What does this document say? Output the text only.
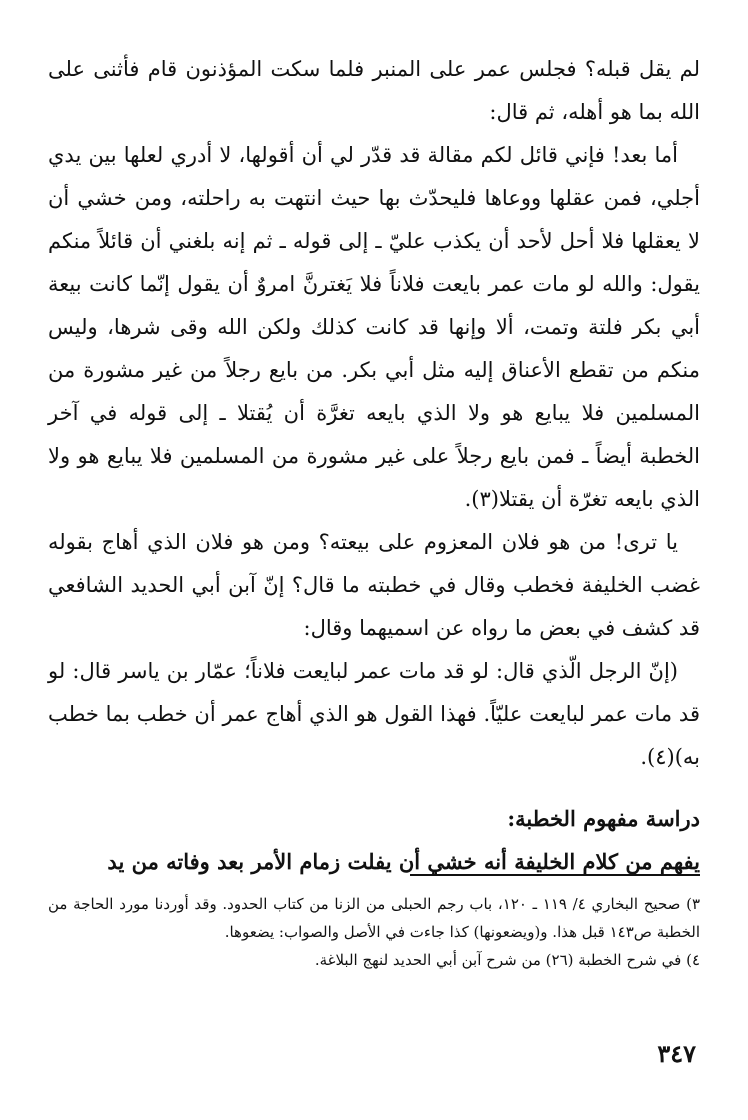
لم يقل قبله؟ فجلس عمر على المنبر فلما سكت المؤذنون قام فأثنى على الله بما هو أهله، ثم قال:

أما بعد! فإني قائل لكم مقالة قد قدّر لي أن أقولها، لا أدري لعلها بين يدي أجلي، فمن عقلها ووعاها فليحدّث بها حيث انتهت به راحلته، ومن خشي أن لا يعقلها فلا أحل لأحد أن يكذب عليّ ـ إلى قوله ـ ثم إنه بلغني أن قائلاً منكم يقول: والله لو مات عمر بايعت فلاناً فلا يَغترنَّ امروٌ أن يقول إنّما كانت بيعة أبي بكر فلتة وتمت، ألا وإنها قد كانت كذلك ولكن الله وقى شرها، وليس منكم من تقطع الأعناق إليه مثل أبي بكر. من بايع رجلاً من غير مشورة من المسلمين فلا يبايع هو ولا الذي بايعه تغرَّة أن يُقتلا ـ إلى قوله في آخر الخطبة أيضاً ـ فمن بايع رجلاً على غير مشورة من المسلمين فلا يبايع هو ولا الذي بايعه تغرّة أن يقتلا(٣).

يا ترى! من هو فلان المعزوم على بيعته؟ ومن هو فلان الذي أهاج بقوله غضب الخليفة فخطب وقال في خطبته ما قال؟ إنّ آبن أبي الحديد الشافعي قد كشف في بعض ما رواه عن اسميهما وقال:

(إنّ الرجل الّذي قال: لو قد مات عمر لبايعت فلاناً؛ عمّار بن ياسر قال: لو قد مات عمر لبايعت عليّاً. فهذا القول هو الذي أهاج عمر أن خطب بما خطب به)(٤).

دراسة مفهوم الخطبة:

يفهم من كلام الخليفة أنه خشي أن يفلت زمام الأمر بعد وفاته من يد

٣) صحيح البخاري ٤/ ١١٩ ـ ١٢٠، باب رجم الحبلى من الزنا من كتاب الحدود. وقد أوردنا مورد الحاجة من الخطبة ص١٤٣ قبل هذا. و(ويضعونها) كذا جاءت في الأصل والصواب: يضعوها.

٤) في شرح الخطبة (٢٦) من شرح آبن أبي الحديد لنهج البلاغة.

٣٤٧
